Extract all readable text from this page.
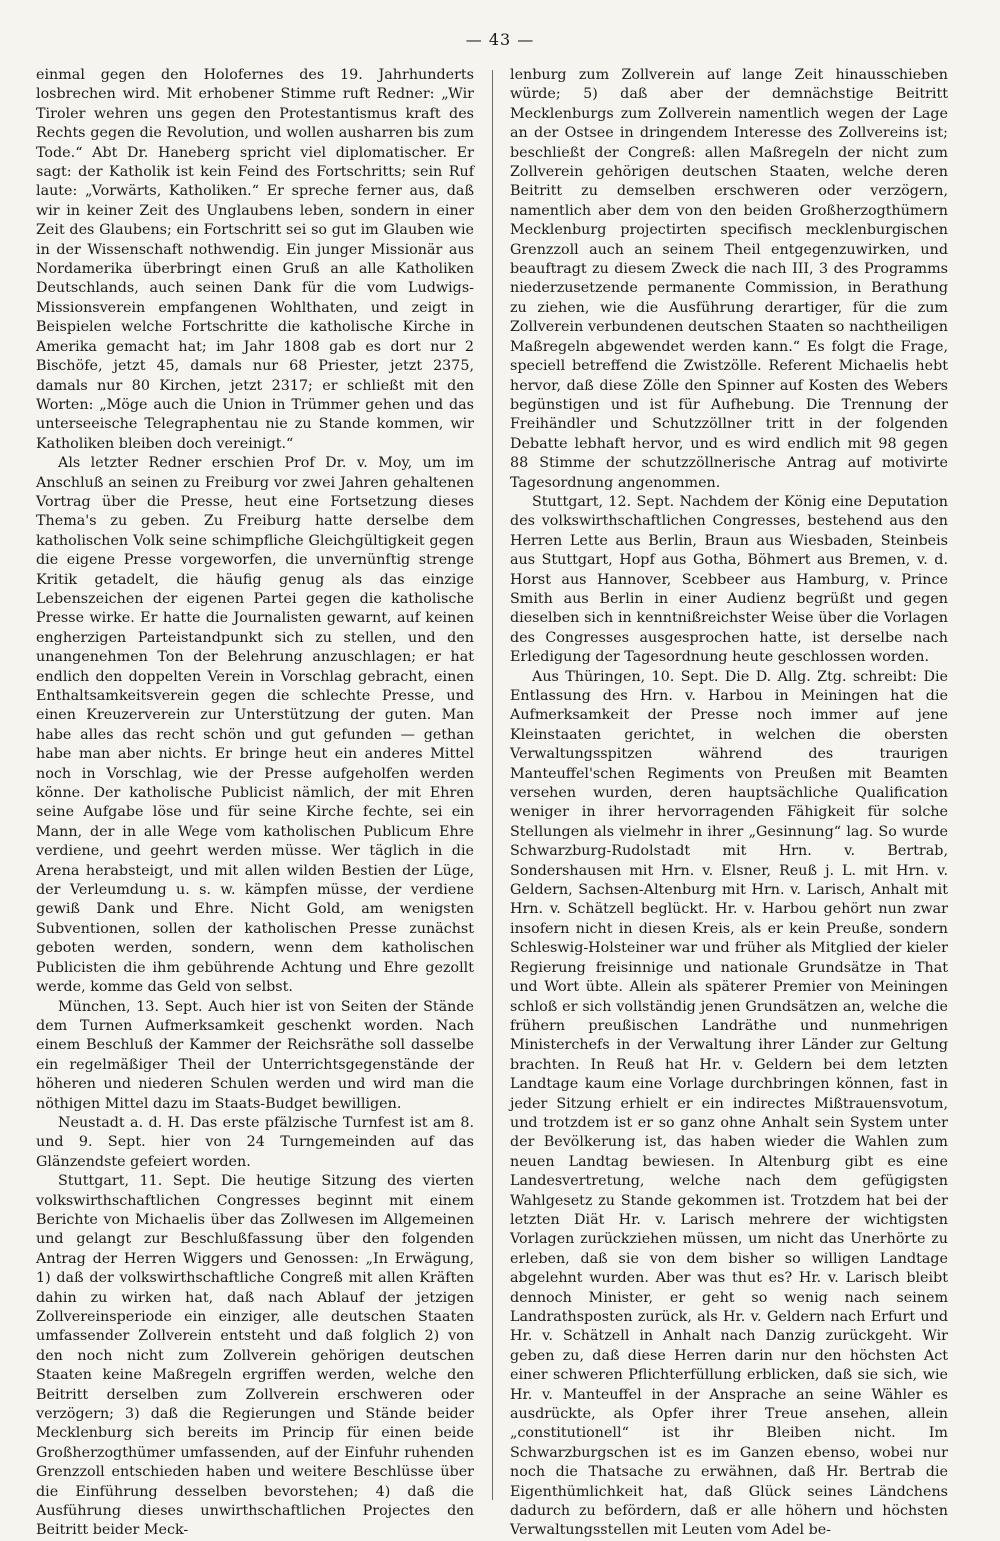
— 43 —

einmal gegen den Holofernes des 19. Jahrhunderts losbrechen wird. Mit erhobener Stimme ruft Redner: „Wir Tiroler wehren uns gegen den Protestantismus kraft des Rechts gegen die Revolution, und wollen ausharren bis zum Tode.“ Abt Dr. Haneberg spricht viel diplomatischer. Er sagt: der Katholik ist kein Feind des Fortschritts; sein Ruf laute: „Vorwärts, Katholiken.“ Er spreche ferner aus, daß wir in keiner Zeit des Unglaubens leben, sondern in einer Zeit des Glaubens; ein Fortschritt sei so gut im Glauben wie in der Wissenschaft nothwendig. Ein junger Missionär aus Nordamerika überbringt einen Gruß an alle Katholiken Deutschlands, auch seinen Dank für die vom Ludwigs-Missionsverein empfangenen Wohlthaten, und zeigt in Beispielen welche Fortschritte die katholische Kirche in Amerika gemacht hat; im Jahr 1808 gab es dort nur 2 Bischöfe, jetzt 45, damals nur 68 Priester, jetzt 2375, damals nur 80 Kirchen, jetzt 2317; er schließt mit den Worten: „Möge auch die Union in Trümmer gehen und das unterseeische Telegraphentau nie zu Stande kommen, wir Katholiken bleiben doch vereinigt.“

Als letzter Redner erschien Prof Dr. v. Moy, um im Anschluß an seinen zu Freiburg vor zwei Jahren gehaltenen Vortrag über die Presse, heut eine Fortsetzung dieses Thema's zu geben. Zu Freiburg hatte derselbe dem katholischen Volk seine schimpfliche Gleichgültigkeit gegen die eigene Presse vorgeworfen, die unvernünftig strenge Kritik getadelt, die häufig genug als das einzige Lebenszeichen der eigenen Partei gegen die katholische Presse wirke. Er hatte die Journalisten gewarnt, auf keinen engherzigen Parteistandpunkt sich zu stellen, und den unangenehmen Ton der Belehrung anzuschlagen; er hat endlich den doppelten Verein in Vorschlag gebracht, einen Enthaltsamkeitsverein gegen die schlechte Presse, und einen Kreuzerverein zur Unterstützung der guten. Man habe alles das recht schön und gut gefunden — gethan habe man aber nichts. Er bringe heut ein anderes Mittel noch in Vorschlag, wie der Presse aufgeholfen werden könne. Der katholische Publicist nämlich, der mit Ehren seine Aufgabe löse und für seine Kirche fechte, sei ein Mann, der in alle Wege vom katholischen Publicum Ehre verdiene, und geehrt werden müsse. Wer täglich in die Arena herabsteigt, und mit allen wilden Bestien der Lüge, der Verleumdung u. s. w. kämpfen müsse, der verdiene gewiß Dank und Ehre. Nicht Gold, am wenigsten Subventionen, sollen der katholischen Presse zunächst geboten werden, sondern, wenn dem katholischen Publicisten die ihm gebührende Achtung und Ehre gezollt werde, komme das Geld von selbst.

München, 13. Sept. Auch hier ist von Seiten der Stände dem Turnen Aufmerksamkeit geschenkt worden. Nach einem Beschluß der Kammer der Reichsräthe soll dasselbe ein regelmäßiger Theil der Unterrichtsgegenstände der höheren und niederen Schulen werden und wird man die nöthigen Mittel dazu im Staats-Budget bewilligen.

Neustadt a. d. H. Das erste pfälzische Turnfest ist am 8. und 9. Sept. hier von 24 Turngemeinden auf das Glänzendste gefeiert worden.

Stuttgart, 11. Sept. Die heutige Sitzung des vierten volkswirthschaftlichen Congresses beginnt mit einem Berichte von Michaelis über das Zollwesen im Allgemeinen und gelangt zur Beschlußfassung über den folgenden Antrag der Herren Wiggers und Genossen: „In Erwägung, 1) daß der volkswirthschaftliche Congreß mit allen Kräften dahin zu wirken hat, daß nach Ablauf der jetzigen Zollvereinsperiode ein einziger, alle deutschen Staaten umfassender Zollverein entsteht und daß folglich 2) von den noch nicht zum Zollverein gehörigen deutschen Staaten keine Maßregeln ergriffen werden, welche den Beitritt derselben zum Zollverein erschweren oder verzögern; 3) daß die Regierungen und Stände beider Mecklenburg sich bereits im Princip für einen beide Großherzogthümer umfassenden, auf der Einfuhr ruhenden Grenzzoll entschieden haben und weitere Beschlüsse über die Einführung desselben bevorstehen; 4) daß die Ausführung dieses unwirthschaftlichen Projectes den Beitritt beider Meck-

lenburg zum Zollverein auf lange Zeit hinausschieben würde; 5) daß aber der demnächstige Beitritt Mecklenburgs zum Zollverein namentlich wegen der Lage an der Ostsee in dringendem Interesse des Zollvereins ist; beschließt der Congreß: allen Maßregeln der nicht zum Zollverein gehörigen deutschen Staaten, welche deren Beitritt zu demselben erschweren oder verzögern, namentlich aber dem von den beiden Großherzogthümern Mecklenburg projectirten specifisch mecklenburgischen Grenzzoll auch an seinem Theil entgegenzuwirken, und beauftragt zu diesem Zweck die nach III, 3 des Programms niederzusetzende permanente Commission, in Berathung zu ziehen, wie die Ausführung derartiger, für die zum Zollverein verbundenen deutschen Staaten so nachtheiligen Maßregeln abgewendet werden kann.“ Es folgt die Frage, speciell betreffend die Zwistzölle. Referent Michaelis hebt hervor, daß diese Zölle den Spinner auf Kosten des Webers begünstigen und ist für Aufhebung. Die Trennung der Freihändler und Schutzzöllner tritt in der folgenden Debatte lebhaft hervor, und es wird endlich mit 98 gegen 88 Stimme der schutzzöllnerische Antrag auf motivirte Tagesordnung angenommen.

Stuttgart, 12. Sept. Nachdem der König eine Deputation des volkswirthschaftlichen Congresses, bestehend aus den Herren Lette aus Berlin, Braun aus Wiesbaden, Steinbeis aus Stuttgart, Hopf aus Gotha, Böhmert aus Bremen, v. d. Horst aus Hannover, Scebbeer aus Hamburg, v. Prince Smith aus Berlin in einer Audienz begrüßt und gegen dieselben sich in kenntnißreichster Weise über die Vorlagen des Congresses ausgesprochen hatte, ist derselbe nach Erledigung der Tagesordnung heute geschlossen worden.

Aus Thüringen, 10. Sept. Die D. Allg. Ztg. schreibt: Die Entlassung des Hrn. v. Harbou in Meiningen hat die Aufmerksamkeit der Presse noch immer auf jene Kleinstaaten gerichtet, in welchen die obersten Verwaltungsspitzen während des traurigen Manteuffel'schen Regiments von Preußen mit Beamten versehen wurden, deren hauptsächliche Qualification weniger in ihrer hervorragenden Fähigkeit für solche Stellungen als vielmehr in ihrer „Gesinnung“ lag. So wurde Schwarzburg-Rudolstadt mit Hrn. v. Bertrab, Sondershausen mit Hrn. v. Elsner, Reuß j. L. mit Hrn. v. Geldern, Sachsen-Altenburg mit Hrn. v. Larisch, Anhalt mit Hrn. v. Schätzell beglückt. Hr. v. Harbou gehört nun zwar insofern nicht in diesen Kreis, als er kein Preuße, sondern Schleswig-Holsteiner war und früher als Mitglied der kieler Regierung freisinnige und nationale Grundsätze in That und Wort übte. Allein als späterer Premier von Meiningen schloß er sich vollständig jenen Grundsätzen an, welche die frühern preußischen Landräthe und nunmehrigen Ministerchefs in der Verwaltung ihrer Länder zur Geltung brachten. In Reuß hat Hr. v. Geldern bei dem letzten Landtage kaum eine Vorlage durchbringen können, fast in jeder Sitzung erhielt er ein indirectes Mißtrauensvotum, und trotzdem ist er so ganz ohne Anhalt sein System unter der Bevölkerung ist, das haben wieder die Wahlen zum neuen Landtag bewiesen. In Altenburg gibt es eine Landesvertretung, welche nach dem gefügigsten Wahlgesetz zu Stande gekommen ist. Trotzdem hat bei der letzten Diät Hr. v. Larisch mehrere der wichtigsten Vorlagen zurückziehen müssen, um nicht das Unerhörte zu erleben, daß sie von dem bisher so willigen Landtage abgelehnt wurden. Aber was thut es? Hr. v. Larisch bleibt dennoch Minister, er geht so wenig nach seinem Landrathsposten zurück, als Hr. v. Geldern nach Erfurt und Hr. v. Schätzell in Anhalt nach Danzig zurückgeht. Wir geben zu, daß diese Herren darin nur den höchsten Act einer schweren Pflichterfüllung erblicken, daß sie sich, wie Hr. v. Manteuffel in der Ansprache an seine Wähler es ausdrückte, als Opfer ihrer Treue ansehen, allein „constitutionell“ ist ihr Bleiben nicht. Im Schwarzburgschen ist es im Ganzen ebenso, wobei nur noch die Thatsache zu erwähnen, daß Hr. Bertrab die Eigenthümlichkeit hat, daß Glück seines Ländchens dadurch zu befördern, daß er alle höhern und höchsten Verwaltungsstellen mit Leuten vom Adel be-
